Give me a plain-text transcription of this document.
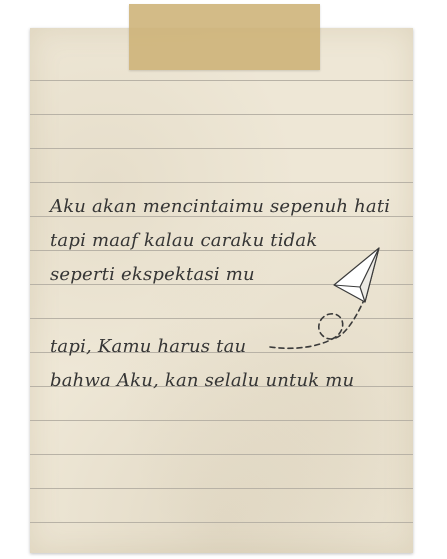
Aku akan mencintaimu sepenuh hati
tapi maaf kalau caraku tidak
seperti ekspektasi mu
tapi, Kamu harus tau
bahwa Aku, kan selalu untuk mu
